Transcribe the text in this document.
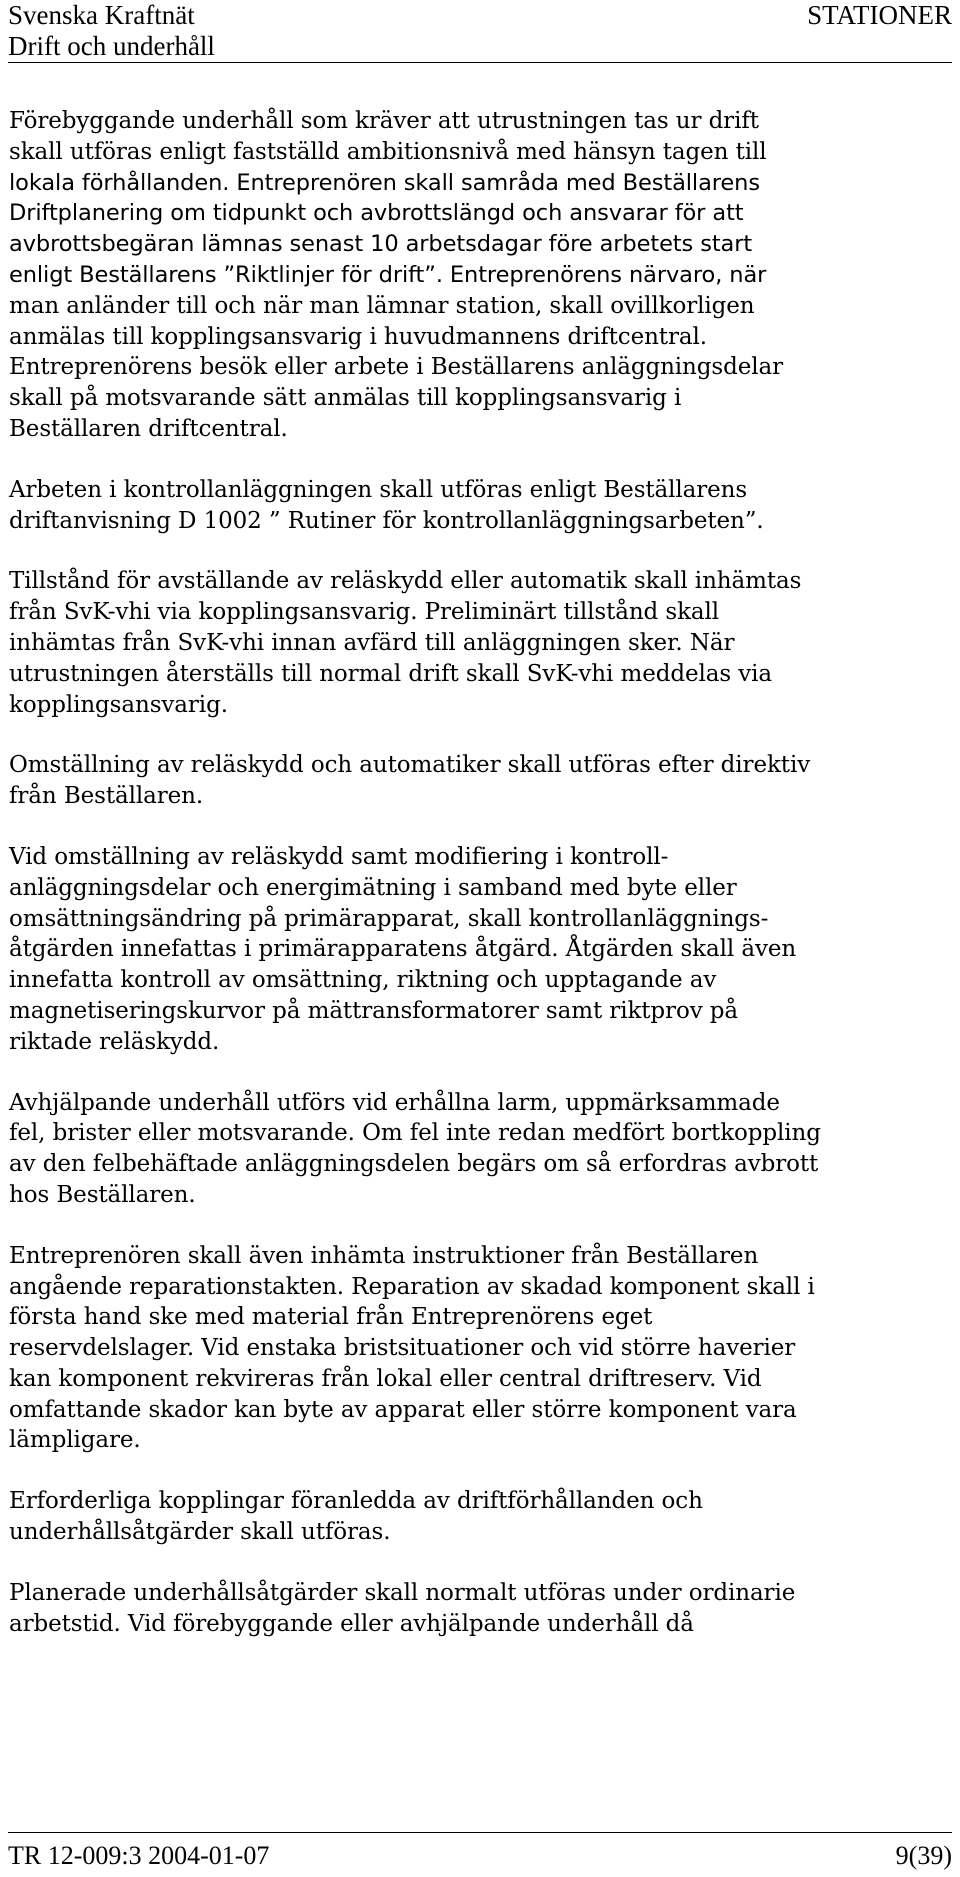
Svenska Kraftnät	STATIONER
Drift och underhåll
Förebyggande underhåll som kräver att utrustningen tas ur drift
skall utföras enligt fastställd ambitionsnivå med hänsyn tagen till
lokala förhållanden. Entreprenören skall samråda med Beställarens
Driftplanering om tidpunkt och avbrottslängd och ansvarar för att
avbrottsbegäran lämnas senast 10 arbetsdagar före arbetets start
enligt Beställarens ”Riktlinjer för drift”. Entreprenörens närvaro, när
man anländer till och när man lämnar station, skall ovillkorligen
anmälas till kopplingsansvarig i huvudmannens driftcentral.
Entreprenörens besök eller arbete i Beställarens anläggningsdelar
skall på motsvarande sätt anmälas till kopplingsansvarig i
Beställaren driftcentral.
Arbeten i kontrollanläggningen skall utföras enligt Beställarens
driftanvisning D 1002 ” Rutiner för kontrollanläggningsarbeten”.
Tillstånd för avställande av reläskydd eller automatik skall inhämtas
från SvK-vhi via kopplingsansvarig. Preliminärt tillstånd skall
inhämtas från SvK-vhi innan avfärd till anläggningen sker. När
utrustningen återställs till normal drift skall SvK-vhi meddelas via
kopplingsansvarig.
Omställning av reläskydd och automatiker skall utföras efter direktiv
från Beställaren.
Vid omställning av reläskydd samt modifiering i kontroll-
anläggningsdelar och energimätning i samband med byte eller
omsättningsändring på primärapparat, skall kontrollanläggnings-
åtgärden innefattas i primärapparatens åtgärd. Åtgärden skall även
innefatta kontroll av omsättning, riktning och upptagande av
magnetiseringskurvor på mättransformatorer samt riktprov på
riktade reläskydd.
Avhjälpande underhåll utförs vid erhållna larm, uppmärksammade
fel, brister eller motsvarande. Om fel inte redan medfört bortkoppling
av den felbehäftade anläggningsdelen begärs om så erfordras avbrott
hos Beställaren.
Entreprenören skall även inhämta instruktioner från Beställaren
angående reparationstakten. Reparation av skadad komponent skall i
första hand ske med material från Entreprenörens eget
reservdelslager. Vid enstaka bristsituationer och vid större haverier
kan komponent rekvireras från lokal eller central driftreserv. Vid
omfattande skador kan byte av apparat eller större komponent vara
lämpligare.
Erforderliga kopplingar föranledda av driftförhållanden och
underhållsåtgärder skall utföras.
Planerade underhållsåtgärder skall normalt utföras under ordinarie
arbetstid. Vid förebyggande eller avhjälpande underhåll då
TR 12-009:3 2004-01-07	9(39)
